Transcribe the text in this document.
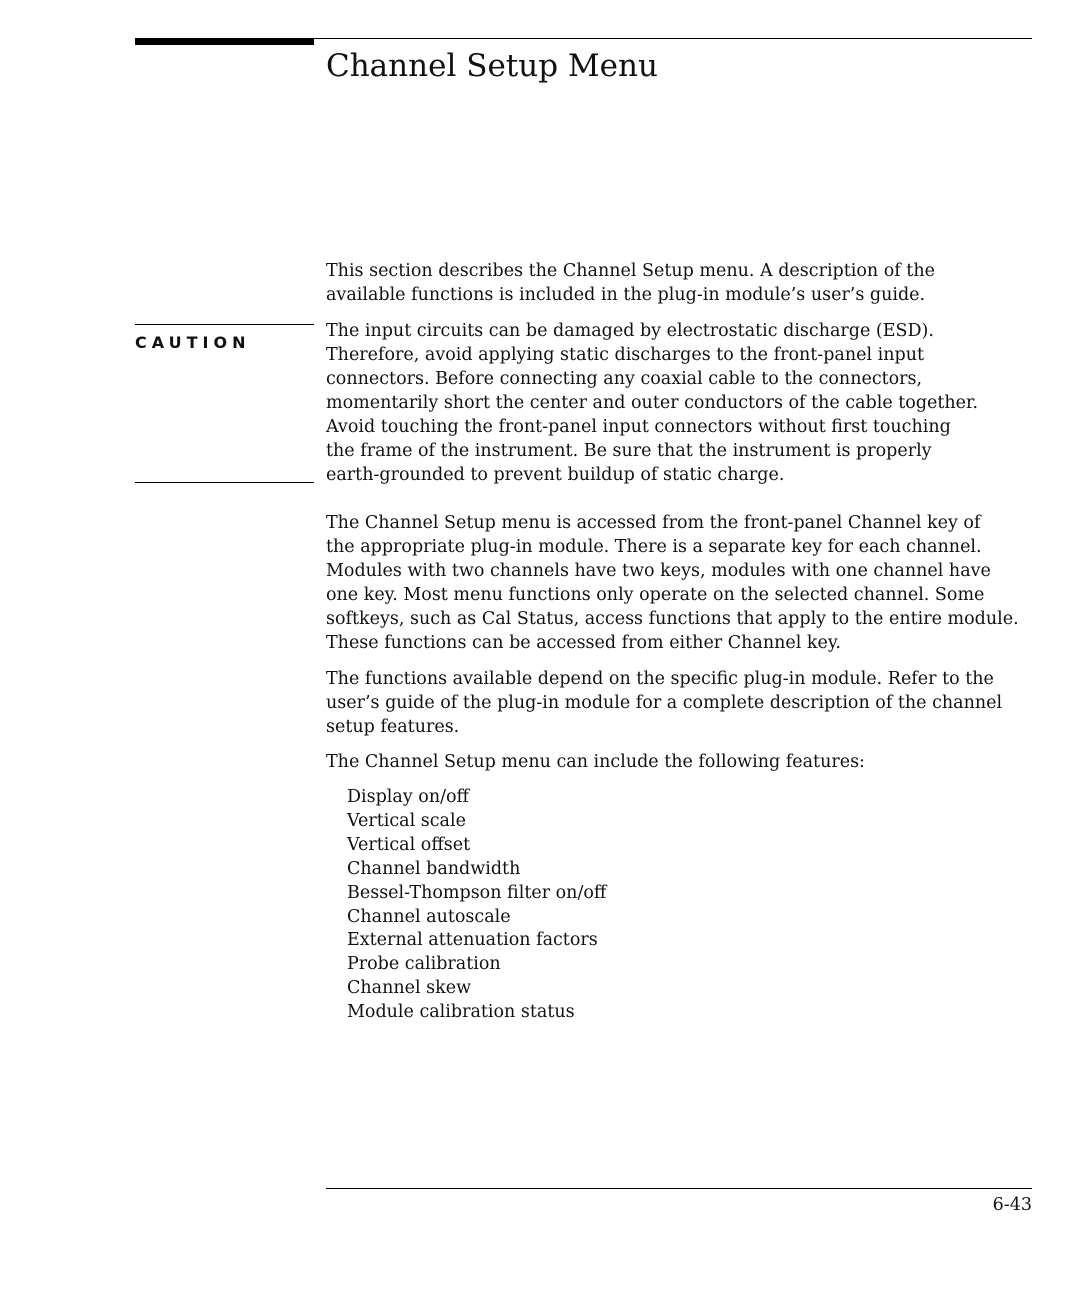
Channel Setup Menu

This section describes the Channel Setup menu. A description of the
available functions is included in the plug-in module’s user’s guide.

CAUTION

The input circuits can be damaged by electrostatic discharge (ESD).
Therefore, avoid applying static discharges to the front-panel input
connectors. Before connecting any coaxial cable to the connectors,
momentarily short the center and outer conductors of the cable together.
Avoid touching the front-panel input connectors without first touching
the frame of the instrument. Be sure that the instrument is properly
earth-grounded to prevent buildup of static charge.

The Channel Setup menu is accessed from the front-panel Channel key of
the appropriate plug-in module. There is a separate key for each channel.
Modules with two channels have two keys, modules with one channel have
one key. Most menu functions only operate on the selected channel. Some
softkeys, such as Cal Status, access functions that apply to the entire module.
These functions can be accessed from either Channel key.

The functions available depend on the specific plug-in module. Refer to the
user’s guide of the plug-in module for a complete description of the channel
setup features.

The Channel Setup menu can include the following features:

Display on/off
Vertical scale
Vertical offset
Channel bandwidth
Bessel-Thompson filter on/off
Channel autoscale
External attenuation factors
Probe calibration
Channel skew
Module calibration status
6-43
